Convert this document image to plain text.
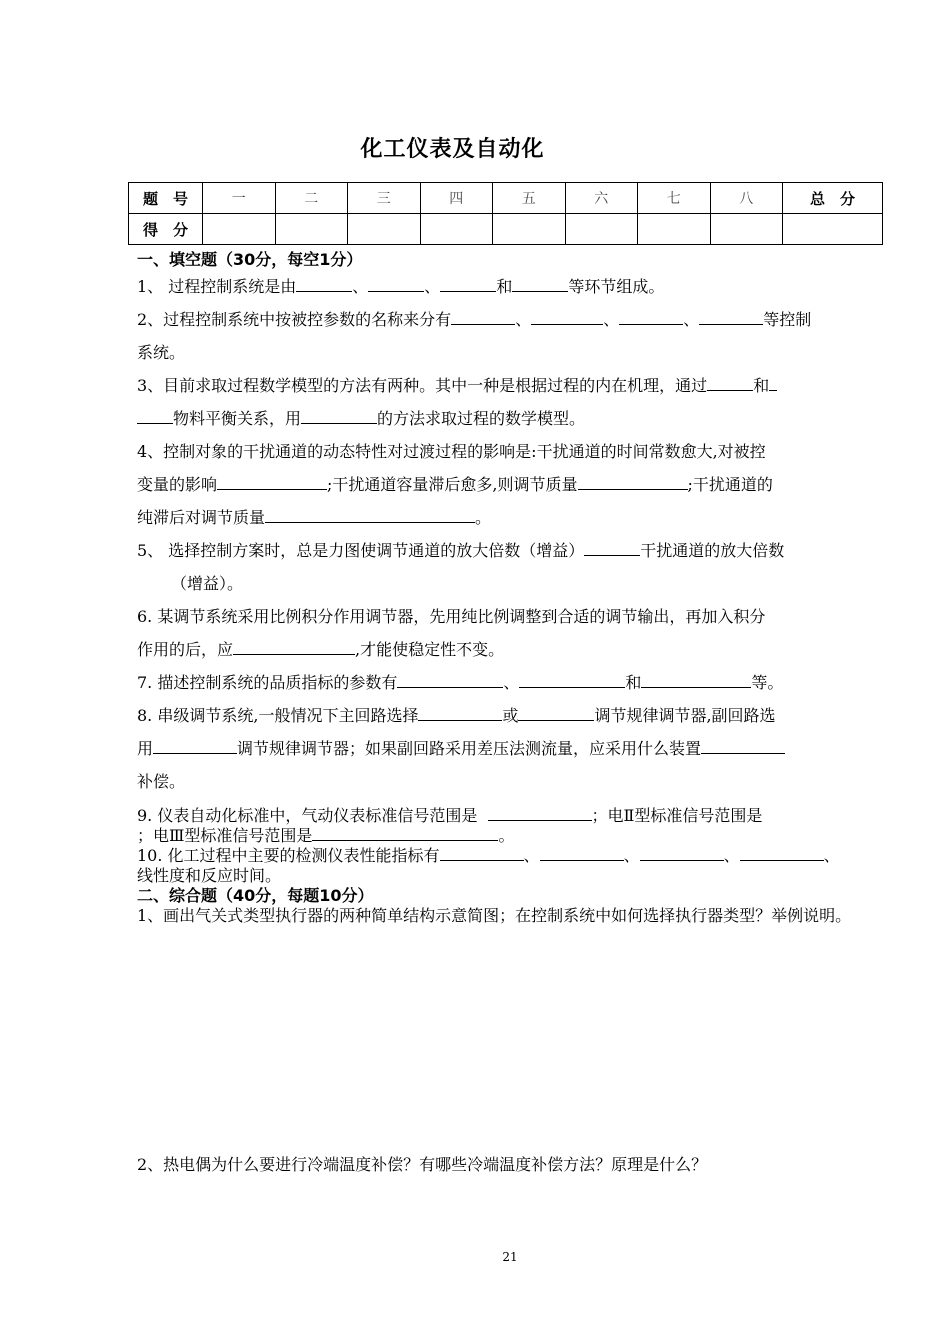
化工仪表及自动化
题　号	一	二	三	四	五	六	七	八	总　分
得　分									
一、填空题（30分，每空1分）

1、 过程控制系统是由	、	、	和	等环节组成。

2、过程控制系统中按被控参数的名称来分有	、	、	、	等控制
系统。

3、目前求取过程数学模型的方法有两种。其中一种是根据过程的内在机理，通过	和
物料平衡关系，用	的方法求取过程的数学模型。

4、控制对象的干扰通道的动态特性对过渡过程的影响是:干扰通道的时间常数愈大,对被控
变量的影响	;干扰通道容量滞后愈多,则调节质量	;干扰通道的
纯滞后对调节质量	。

5、 选择控制方案时，总是力图使调节通道的放大倍数（增益）	干扰通道的放大倍数

（增益）。

6. 某调节系统采用比例积分作用调节器，先用纯比例调整到合适的调节输出，再加入积分
作用的后，应	,才能使稳定性不变。

7. 描述控制系统的品质指标的参数有	、	和	等。

8. 串级调节系统,一般情况下主回路选择	或	调节规律调节器,副回路选
用	调节规律调节器；如果副回路采用差压法测流量，应采用什么装置
补偿。

9. 仪表自动化标准中，气动仪表标准信号范围是	；电Ⅱ型标准信号范围是
；电Ⅲ型标准信号范围是	。

10. 化工过程中主要的检测仪表性能指标有	、	、	、	、
线性度和反应时间。

二、综合题（40分，每题10分）

1、画出气关式类型执行器的两种简单结构示意简图；在控制系统中如何选择执行器类型？举例说明。

2、热电偶为什么要进行冷端温度补偿？有哪些冷端温度补偿方法？原理是什么？

21
